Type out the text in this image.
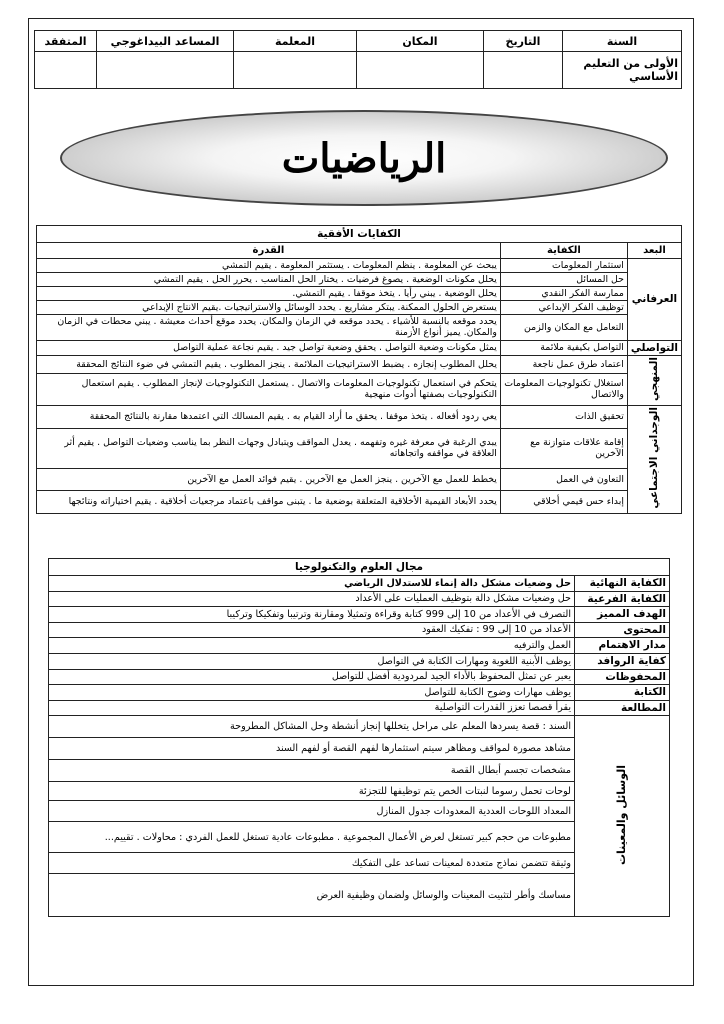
السنة	التاريخ	المكان	المعلمة	المساعد البيداغوجي	المتفقد
الأولى من التعليم الأساسي					
الرياضيات
الكفايات الأفقية		
البعد	الكفاية	القدرة
العرفاني	استثمار المعلومات	يبحث عن المعلومة . ينظم المعلومات . يستثمر المعلومة . يقيم التمشي
	حل المسائل	يحلل مكونات الوضعية . يصوغ فرضيات . يختار الحل المناسب . يحرر الحل . يقيم التمشي
	ممارسة الفكر النقدي	يحلل الوضعية . يبني رأيا . يتخذ موقفا . يقيم التمشي.
	توظيف الفكر الإبداعي	يستعرض الحلول الممكنة. يبتكر مشاريع . يحدد الوسائل والاستراتيجيات .يقيم الانتاج الإبداعي
	التعامل مع المكان والزمن	يحدد موقعه بالنسبة للأشياء . يحدد موقعه في الزمان والمكان. يحدد موقع أحداث معيشة . يبني محطات في الزمان والمكان. يميز أنواع الأزمنة
التواصلي	التواصل بكيفية ملائمة	يمثل مكونات وضعية التواصل . يحقق وضعية تواصل جيد . يقيم نجاعة عملية التواصل
المنهجي	اعتماد طرق عمل ناجعة	يحلل المطلوب إنجازه . يضبط الاستراتيجيات الملائمة . ينجز المطلوب . يقيم التمشي في ضوء النتائج المحققة
	استغلال تكنولوجيات المعلومات والاتصال	يتحكم في استعمال تكنولوجيات المعلومات والاتصال . يستعمل التكنولوجيات لإنجاز المطلوب . يقيم استعمال التكنولوجيات بصفتها أدوات منهجية
الوجداني الاجتماعي	تحقيق الذات	يعي ردود أفعاله . يتخذ موقفا . يحقق ما أراد القيام به . يقيم المسالك التي اعتمدها مقارنة بالنتائج المحققة
	إقامة علاقات متوازنة مع الآخرين	يبدي الرغبة في معرفة غيره وتفهمه . يعدل المواقف ويتبادل وجهات النظر بما يناسب وضعيات التواصل . يقيم أثر العلاقة في مواقفه واتجاهاته
	التعاون في العمل	يخطط للعمل مع الآخرين . ينجز العمل مع الآخرين . يقيم فوائد العمل مع الآخرين
	إبداء حس قيمي أخلاقي	يحدد الأبعاد القيمية الأخلاقية المتعلقة بوضعية ما . يتبنى مواقف باعتماد مرجعيات أخلاقية . يقيم اختياراته ونتائجها
مجال العلوم والتكنولوجيا	
الكفاية النهائية	حل وضعيات مشكل دالة إنماء للاستدلال الرياضي
الكفاية الفرعية	حل وضعيات مشكل دالة بتوظيف العمليات على الأعداد
الهدف المميز	التصرف في الأعداد من 10 إلى 999 كتابة وقراءة وتمثيلا ومقارنة وترتيبا وتفكيكا وتركيبا
المحتوى	الأعداد من 10 إلى 99 : تفكيك العقود
مدار الاهتمام	العمل والترفيه
كفاية الروافد	يوظف الأبنية اللغوية ومهارات الكتابة في التواصل
المحفوظات	يعبر عن تمثل المحفوظ بالأداء الجيد لمردودية أفضل للتواصل
الكتابة	يوظف مهارات وضوح الكتابة للتواصل
المطالعة	يقرأ قصصا تعزز القدرات التواصلية
الوسائل والمعينات	السند : قصة يسردها المعلم على مراحل يتخللها إنجاز أنشطة وحل المشاكل المطروحة
	مشاهد مصورة لمواقف ومظاهر سيتم استثمارها لفهم القصة أو لفهم السند
	مشخصات تجسم أبطال القصة
	لوحات تحمل رسوما لنبتات الخص يتم توظيفها للتجزئة
	المعداد اللوحات العددية المعدودات جدول المنازل
	مطبوعات من حجم كبير تستغل لعرض الأعمال المجموعية . مطبوعات عادية تستغل للعمل الفردي : محاولات . تقييم...
	وثيقة تتضمن نماذج متعددة لمعينات تساعد على التفكيك
	مساسك وأطر لتثبيت المعينات والوسائل ولضمان وظيفية العرض
